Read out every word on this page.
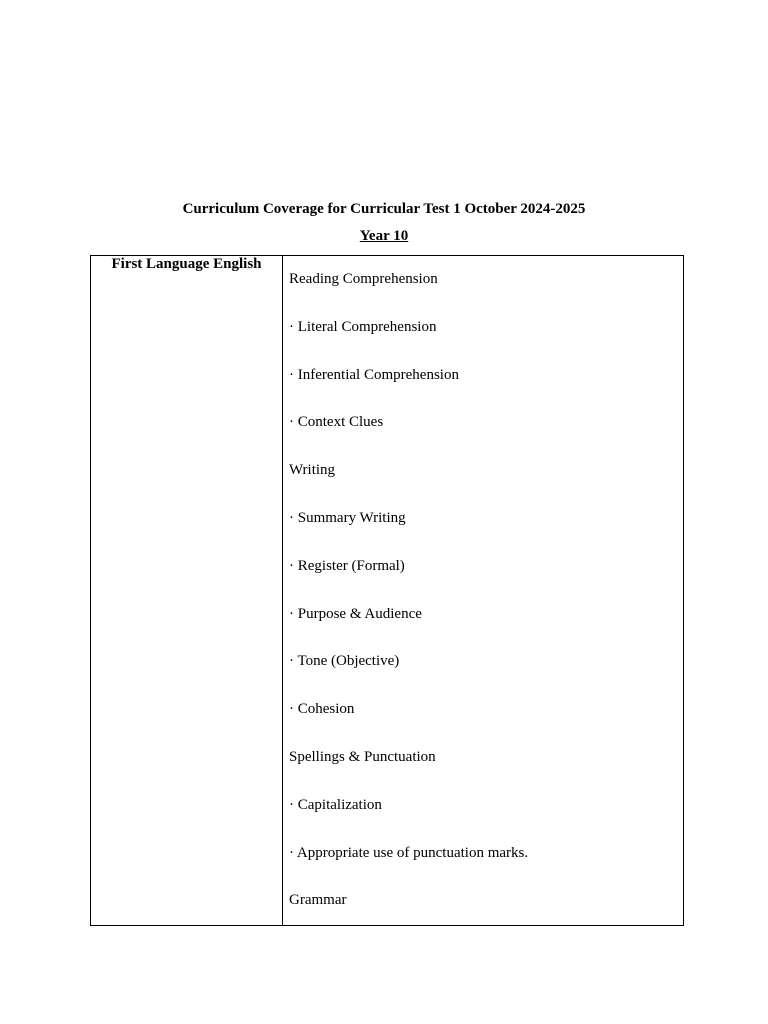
Curriculum Coverage for Curricular Test 1 October 2024-2025
Year 10
First Language English

Reading Comprehension
· Literal Comprehension
· Inferential Comprehension
· Context Clues
Writing
· Summary Writing
· Register (Formal)
· Purpose & Audience
· Tone (Objective)
· Cohesion
Spellings & Punctuation
· Capitalization
· Appropriate use of punctuation marks.
Grammar
